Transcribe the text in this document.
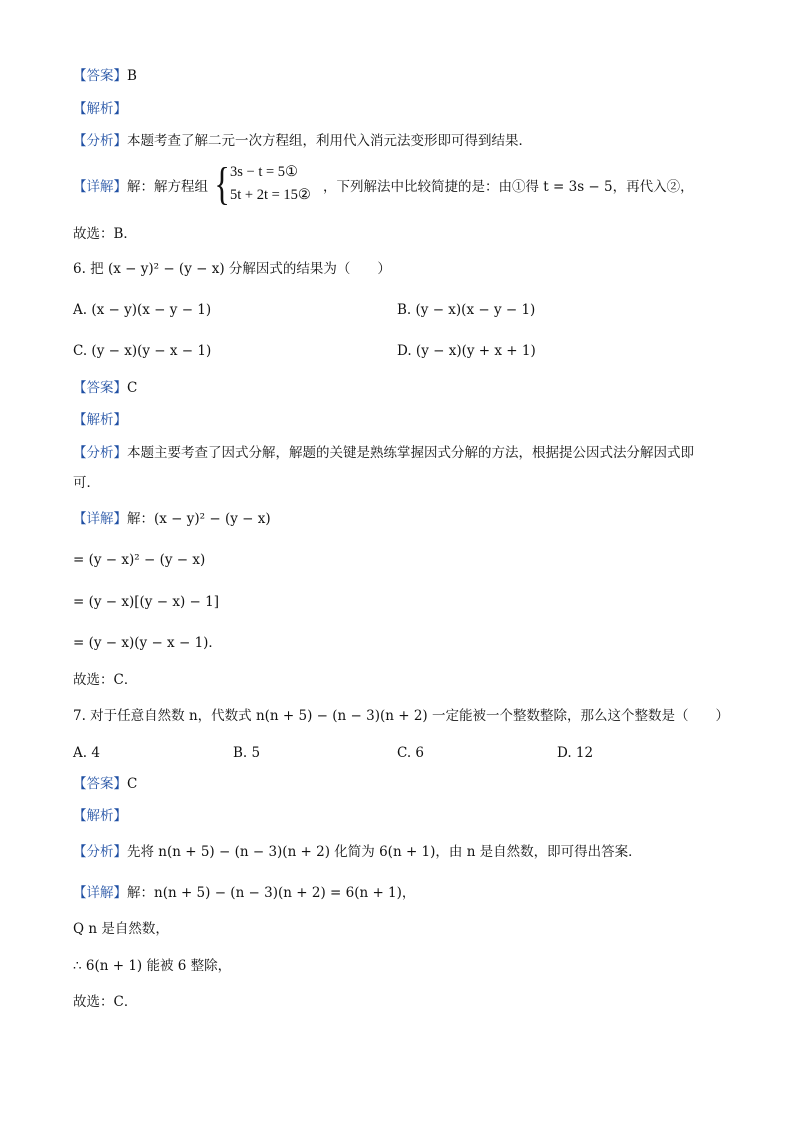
【答案】B
【解析】
【分析】本题考查了解二元一次方程组，利用代入消元法变形即可得到结果．
【详解】解：解方程组 { 3s − t = 5①
5t + 2t = 15② ，下列解法中比较简捷的是：由①得 t = 3s − 5，再代入②，
故选：B．
6. 把 (x − y)² − (y − x) 分解因式的结果为（　　）
A. (x − y)(x − y − 1)	B. (y − x)(x − y − 1)
C. (y − x)(y − x − 1)	D. (y − x)(y + x + 1)
【答案】C
【解析】
【分析】本题主要考查了因式分解，解题的关键是熟练掌握因式分解的方法，根据提公因式法分解因式即
可．
【详解】解：(x − y)² − (y − x)
= (y − x)² − (y − x)
= (y − x)[(y − x) − 1]
= (y − x)(y − x − 1)．
故选：C．
7. 对于任意自然数 n，代数式 n(n + 5) − (n − 3)(n + 2) 一定能被一个整数整除，那么这个整数是（　　）
A. 4	B. 5	C. 6	D. 12
【答案】C
【解析】
【分析】先将 n(n + 5) − (n − 3)(n + 2) 化简为 6(n + 1)，由 n 是自然数，即可得出答案．
【详解】解：n(n + 5) − (n − 3)(n + 2) = 6(n + 1)，
Q n 是自然数，
∴ 6(n + 1) 能被 6 整除，
故选：C．
